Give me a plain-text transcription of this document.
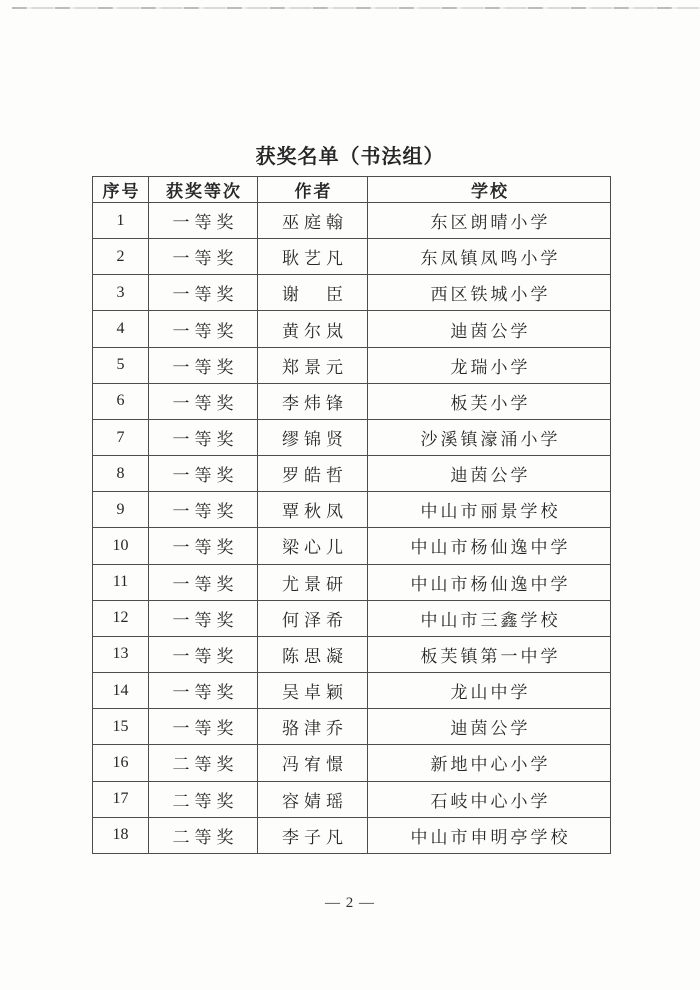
获奖名单（书法组）
序号	获奖等次	作者	学校
1	一等奖	巫庭翰	东区朗晴小学
2	一等奖	耿艺凡	东凤镇凤鸣小学
3	一等奖	谢　臣	西区铁城小学
4	一等奖	黄尔岚	迪茵公学
5	一等奖	郑景元	龙瑞小学
6	一等奖	李炜锋	板芙小学
7	一等奖	缪锦贤	沙溪镇濠涌小学
8	一等奖	罗皓哲	迪茵公学
9	一等奖	覃秋凤	中山市丽景学校
10	一等奖	梁心儿	中山市杨仙逸中学
11	一等奖	尤景研	中山市杨仙逸中学
12	一等奖	何泽希	中山市三鑫学校
13	一等奖	陈思凝	板芙镇第一中学
14	一等奖	吴卓颖	龙山中学
15	一等奖	骆津乔	迪茵公学
16	二等奖	冯宥憬	新地中心小学
17	二等奖	容婧瑶	石岐中心小学
18	二等奖	李子凡	中山市申明亭学校
— 2 —
